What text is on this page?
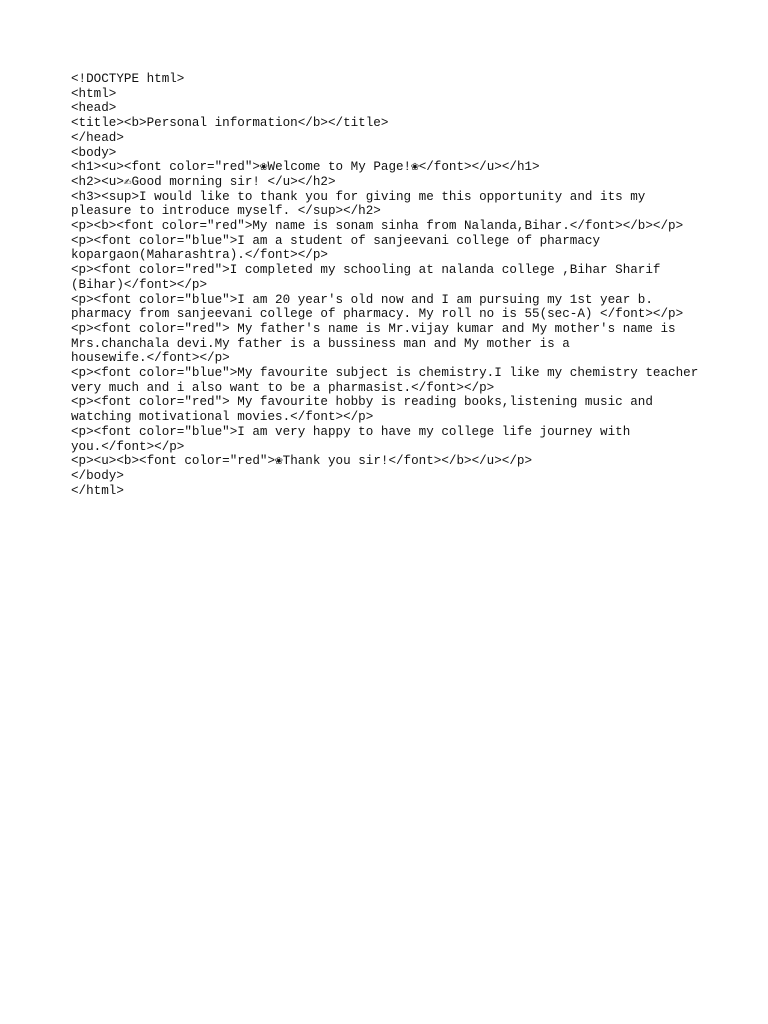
<!DOCTYPE html>
<html>
<head>
<title><b>Personal information</b></title>
</head>
<body>
<h1><u><font color="red">❀Welcome to My Page!❀</font></u></h1>
<h2><u>✍Good morning sir! </u></h2>
<h3><sup>I would like to thank you for giving me this opportunity and its my
pleasure to introduce myself. </sup></h2>
<p><b><font color="red">My name is sonam sinha from Nalanda,Bihar.</font></b></p>
<p><font color="blue">I am a student of sanjeevani college of pharmacy
kopargaon(Maharashtra).</font></p>
<p><font color="red">I completed my schooling at nalanda college ,Bihar Sharif
(Bihar)</font></p>
<p><font color="blue">I am 20 year's old now and I am pursuing my 1st year b.
pharmacy from sanjeevani college of pharmacy. My roll no is 55(sec-A) </font></p>
<p><font color="red"> My father's name is Mr.vijay kumar and My mother's name is
Mrs.chanchala devi.My father is a bussiness man and My mother is a
housewife.</font></p>
<p><font color="blue">My favourite subject is chemistry.I like my chemistry teacher
very much and i also want to be a pharmasist.</font></p>
<p><font color="red"> My favourite hobby is reading books,listening music and
watching motivational movies.</font></p>
<p><font color="blue">I am very happy to have my college life journey with
you.</font></p>
<p><u><b><font color="red">❀Thank you sir!</font></b></u></p>
</body>
</html>
